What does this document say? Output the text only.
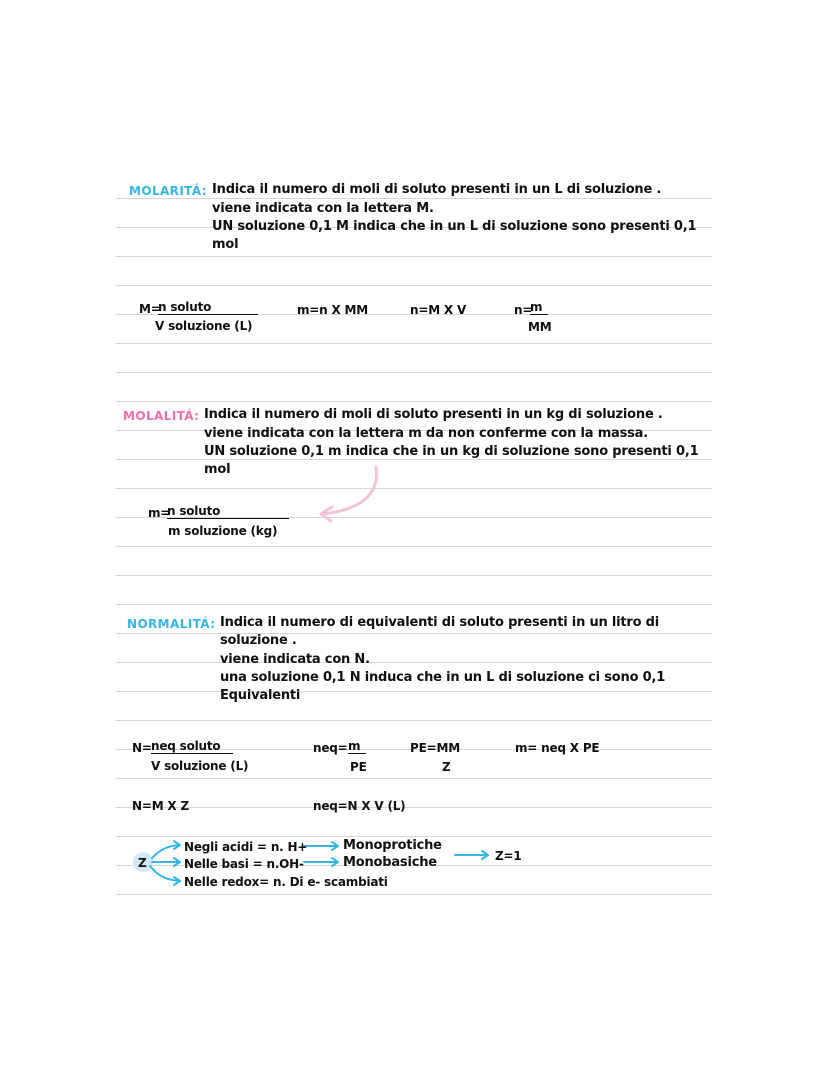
MOLARITÁ: Indica il numero di moli di soluto presenti in un L di soluzione .
viene indicata con la lettera M.
UN soluzione 0,1 M indica che in un L di soluzione sono presenti 0,1
mol
M=
n soluto
V soluzione (L)
m=n X MM	n=M X V	n=
m
MM
MOLALITÁ: Indica il numero di moli di soluto presenti in un kg di soluzione .
viene indicata con la lettera m da non conferme con la massa.
UN soluzione 0,1 m indica che in un kg di soluzione sono presenti 0,1
mol
m=
n soluto
m soluzione (kg)
NORMALITÁ: Indica il numero di equivalenti di soluto presenti in un litro di
soluzione .
viene indicata con N.
una soluzione 0,1 N induca che in un L di soluzione ci sono 0,1
Equivalenti
N= neq soluto
V soluzione (L)
neq= m
PE
PE=MM
Z
m= neq X PE
N=M X Z	neq=N X V (L)
Z
Negli acidi = n. H+
Nelle basi = n.OH-
Nelle redox= n. Di e- scambiati
Monoprotiche
Monobasiche	Z=1
